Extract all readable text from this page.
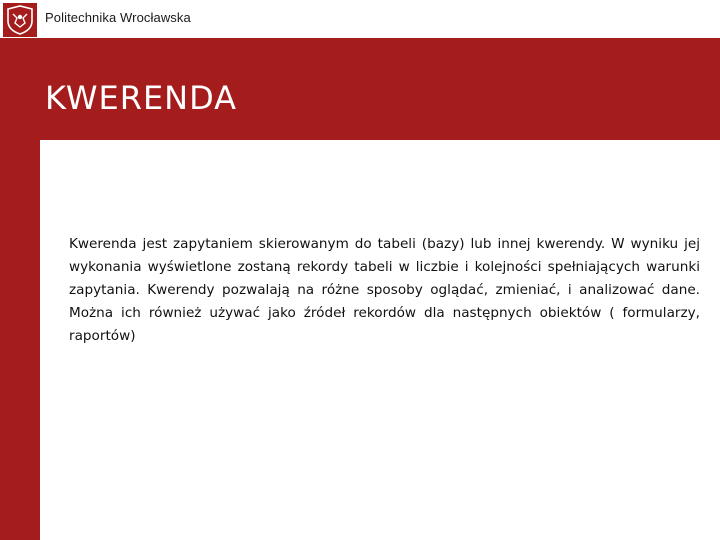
Politechnika Wrocławska
KWERENDA

Kwerenda jest zapytaniem skierowanym do tabeli (bazy) lub innej kwerendy. W wyniku jej wykonania wyświetlone zostaną rekordy tabeli w liczbie i kolejności spełniających warunki zapytania. Kwerendy pozwalają na różne sposoby oglądać, zmieniać, i analizować dane. Można ich również używać jako źródeł rekordów dla następnych obiektów ( formularzy, raportów)
